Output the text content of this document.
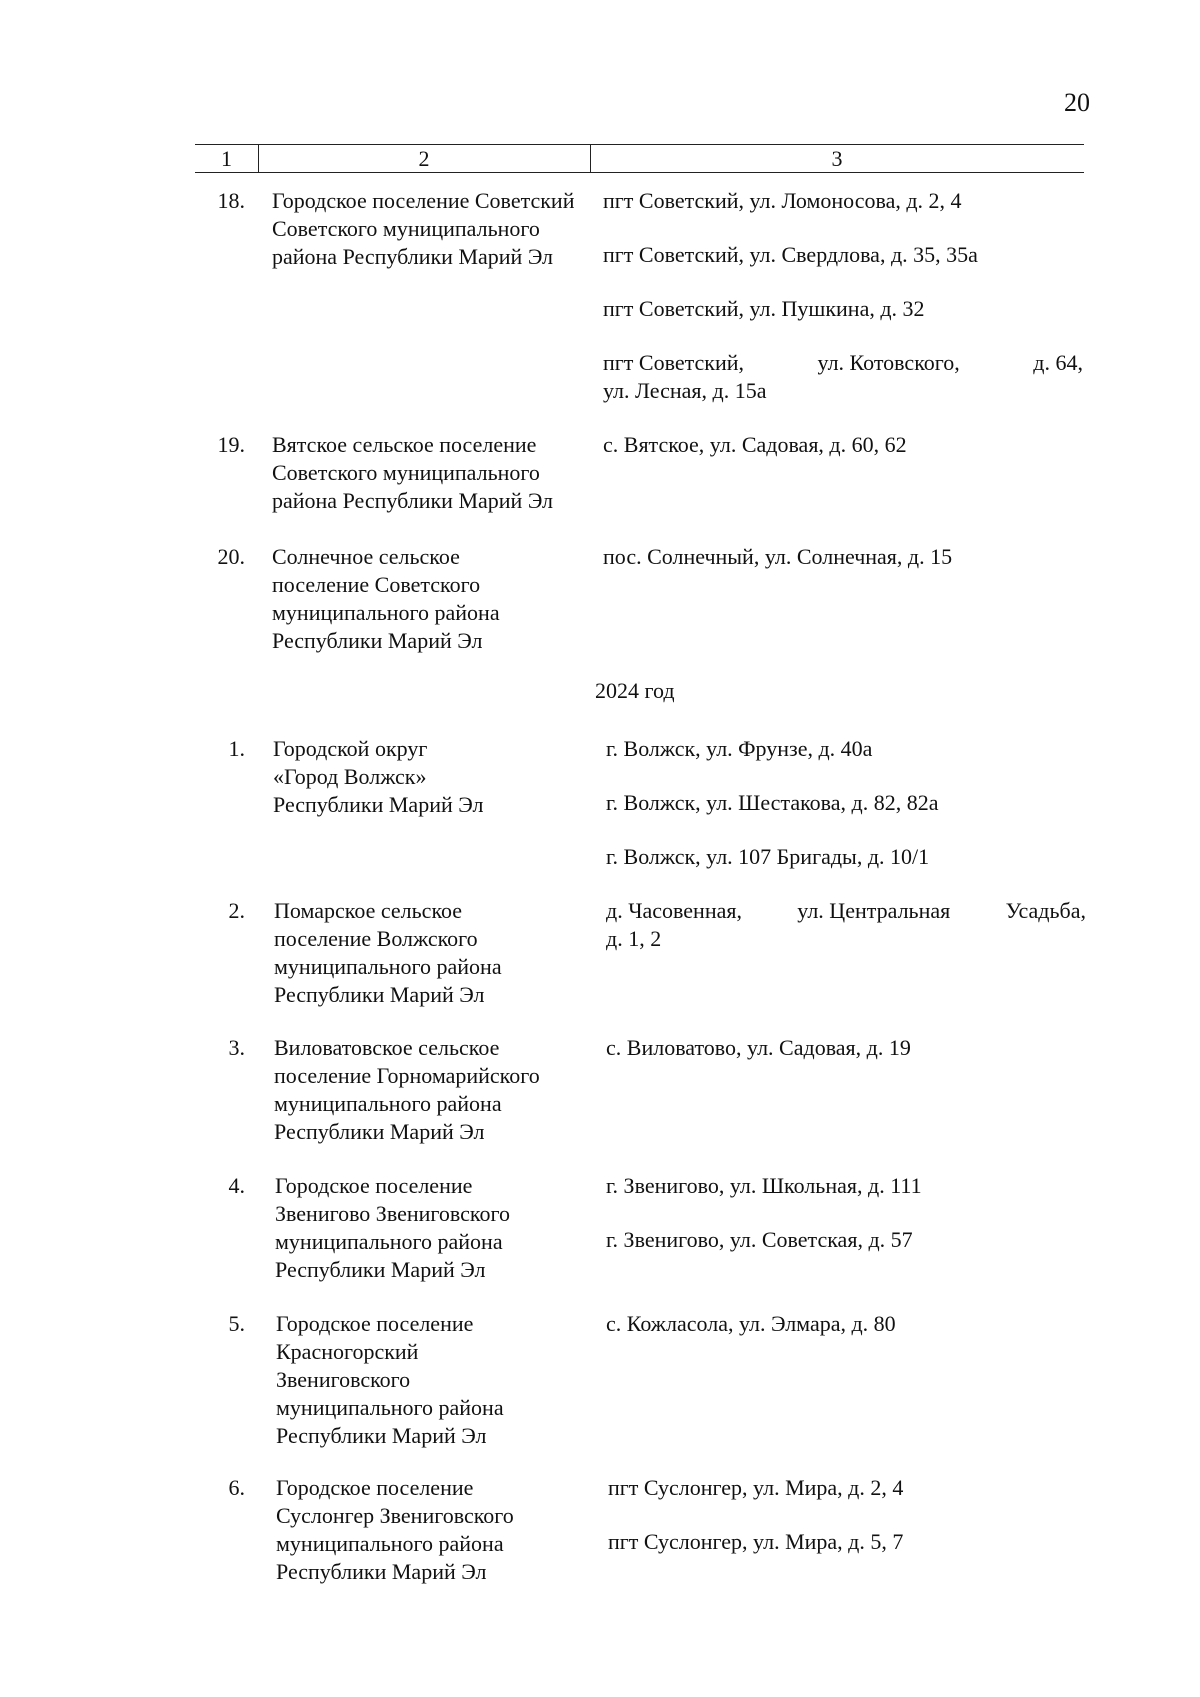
20
1	2	3
18. Городское поселение Советский Советского муниципального района Республики Марий Эл

пгт Советский, ул. Ломоносова, д. 2, 4

пгт Советский, ул. Свердлова, д. 35, 35а

пгт Советский, ул. Пушкина, д. 32

пгт Советский,	ул. Котовского,	д. 64,

ул. Лесная, д. 15а

19. Вятское сельское поселение Советского муниципального района Республики Марий Эл

с. Вятское, ул. Садовая, д. 60, 62

20. Солнечное сельское поселение Советского муниципального района Республики Марий Эл

пос. Солнечный, ул. Солнечная, д. 15

2024 год
1. Городской округ
«Город Волжск»
Республики Марий Эл

г. Волжск, ул. Фрунзе, д. 40а

г. Волжск, ул. Шестакова, д. 82, 82а

г. Волжск, ул. 107 Бригады, д. 10/1

2. Помарское сельское поселение Волжского муниципального района Республики Марий Эл

д. Часовенная,	ул. Центральная	Усадьба,

д. 1, 2

3. Виловатовское сельское поселение Горномарийского муниципального района Республики Марий Эл

с. Виловатово, ул. Садовая, д. 19

4. Городское поселение Звенигово Звениговского муниципального района Республики Марий Эл

г. Звенигово, ул. Школьная, д. 111

г. Звенигово, ул. Советская, д. 57

5. Городское поселение
Красногорский
Звениговского
муниципального района
Республики Марий Эл

с. Кожласола, ул. Элмара, д. 80

6. Городское поселение Суслонгер Звениговского муниципального района Республики Марий Эл

пгт Суслонгер, ул. Мира, д. 2, 4

пгт Суслонгер, ул. Мира, д. 5, 7
